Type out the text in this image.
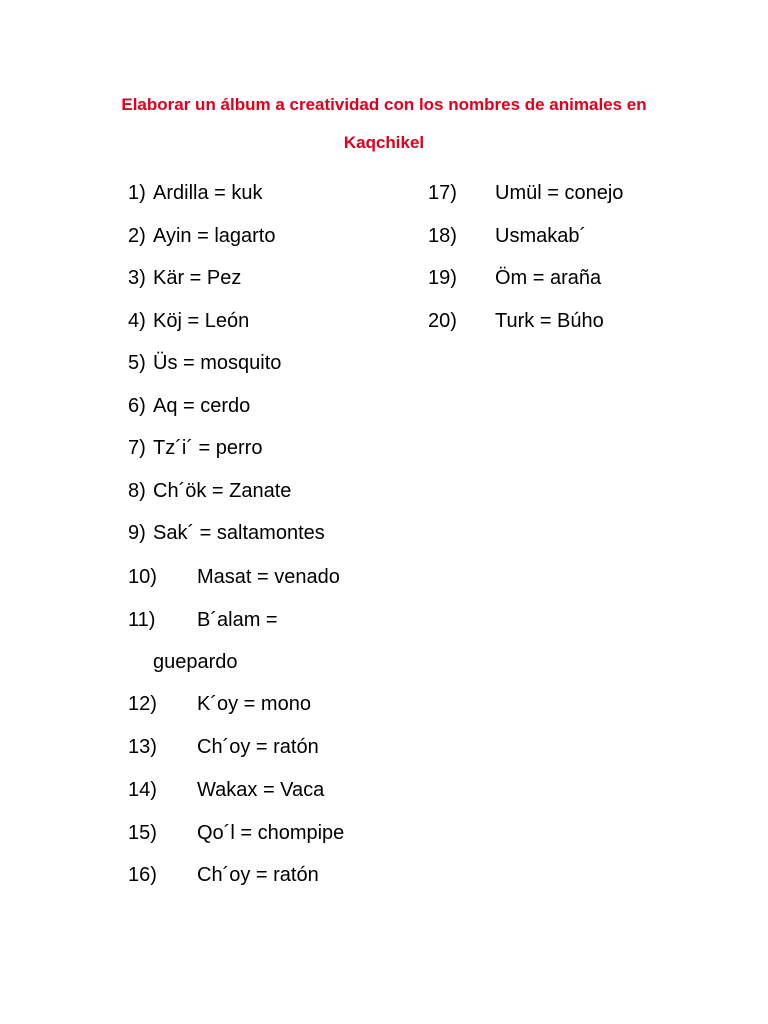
Elaborar un álbum a creatividad con los nombres de animales en
Kaqchikel
1) Ardilla = kuk
2) Ayin = lagarto
3) Kär = Pez
4) Köj = León
5) Üs = mosquito
6) Aq = cerdo
7) Tz´i´ = perro
8) Ch´ök = Zanate
9) Sak´ = saltamontes
10) Masat = venado
11) B´alam =
guepardo
12) K´oy = mono
13) Ch´oy = ratón
14) Wakax = Vaca
15) Qo´l = chompipe
16) Ch´oy = ratón
17) Umül = conejo
18) Usmakab´
19) Öm = araña
20) Turk = Búho
